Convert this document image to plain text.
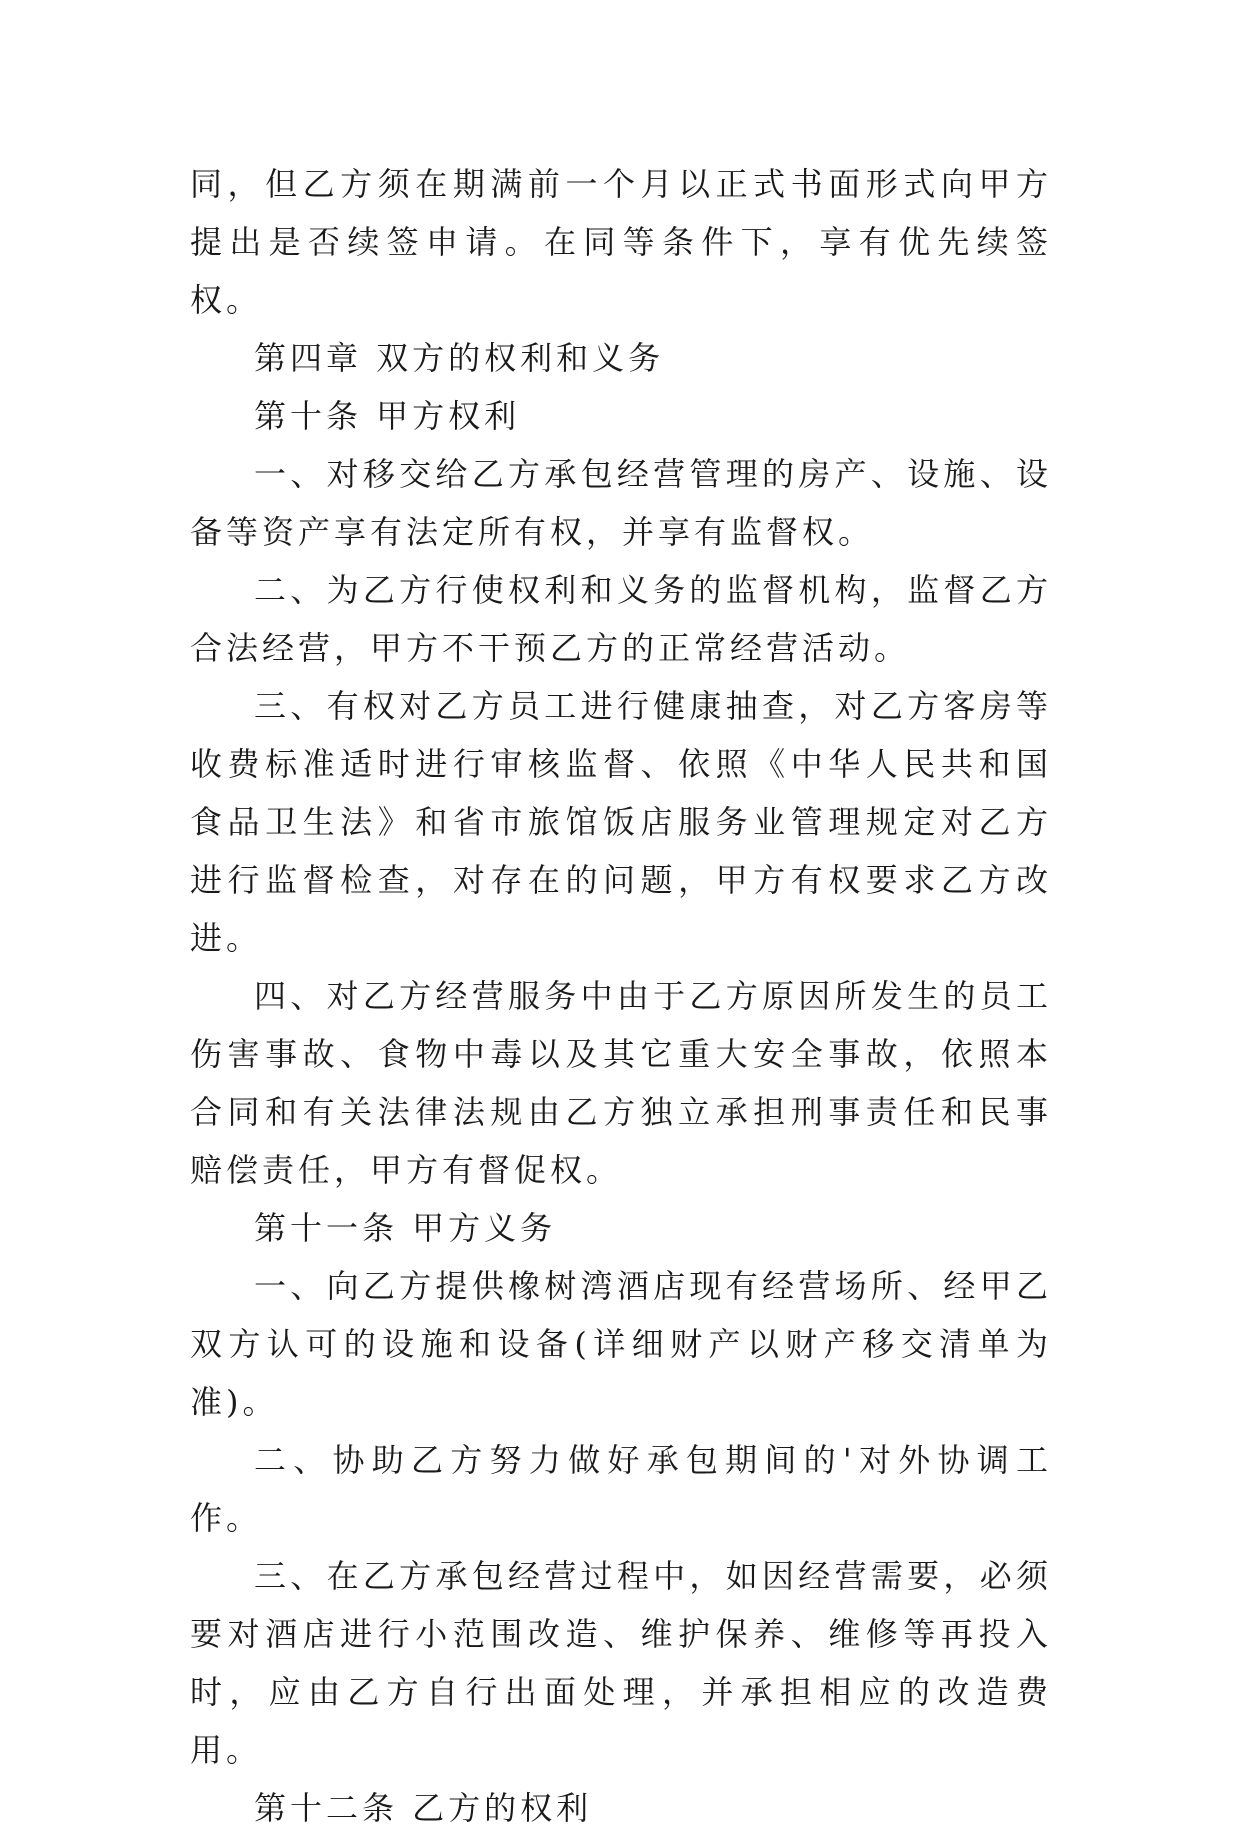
同，但乙方须在期满前一个月以正式书面形式向甲方提出是否续签申请。在同等条件下，享有优先续签权。

第四章 双方的权利和义务

第十条 甲方权利

一、对移交给乙方承包经营管理的房产、设施、设备等资产享有法定所有权，并享有监督权。

二、为乙方行使权利和义务的监督机构，监督乙方合法经营，甲方不干预乙方的正常经营活动。

三、有权对乙方员工进行健康抽查，对乙方客房等收费标准适时进行审核监督、依照《中华人民共和国食品卫生法》和省市旅馆饭店服务业管理规定对乙方进行监督检查，对存在的问题，甲方有权要求乙方改进。

四、对乙方经营服务中由于乙方原因所发生的员工伤害事故、食物中毒以及其它重大安全事故，依照本合同和有关法律法规由乙方独立承担刑事责任和民事赔偿责任，甲方有督促权。

第十一条 甲方义务

一、向乙方提供橡树湾酒店现有经营场所、经甲乙双方认可的设施和设备(详细财产以财产移交清单为准)。

二、协助乙方努力做好承包期间的'对外协调工作。

三、在乙方承包经营过程中，如因经营需要，必须要对酒店进行小范围改造、维护保养、维修等再投入时，应由乙方自行出面处理，并承担相应的改造费用。

第十二条 乙方的权利
